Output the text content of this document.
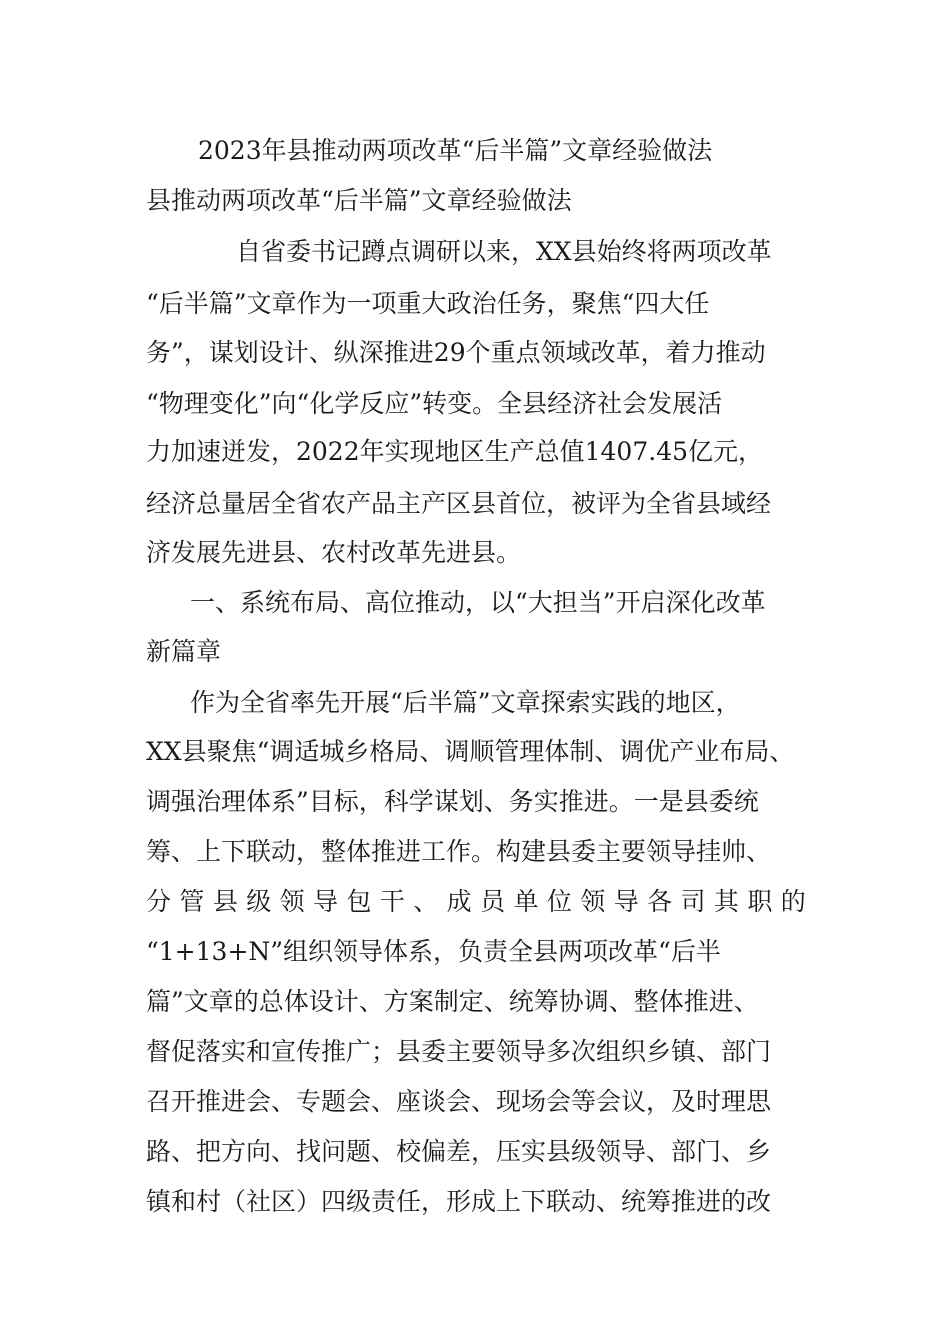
2023年县推动两项改革“后半篇”文章经验做法
县推动两项改革“后半篇”文章经验做法
自省委书记蹲点调研以来，XX县始终将两项改革
“后半篇”文章作为一项重大政治任务，聚焦“四大任
务”，谋划设计、纵深推进29个重点领域改革，着力推动
“物理变化”向“化学反应”转变。全县经济社会发展活
力加速迸发，2022年实现地区生产总值1407.45亿元，
经济总量居全省农产品主产区县首位，被评为全省县域经
济发展先进县、农村改革先进县。
一、系统布局、高位推动，以“大担当”开启深化改革
新篇章
作为全省率先开展“后半篇”文章探索实践的地区，
XX县聚焦“调适城乡格局、调顺管理体制、调优产业布局、
调强治理体系”目标，科学谋划、务实推进。一是县委统
筹、上下联动，整体推进工作。构建县委主要领导挂帅、
分 管 县 级 领 导 包 干 、 成 员 单 位 领 导 各 司 其 职 的
“1+13+N”组织领导体系，负责全县两项改革“后半
篇”文章的总体设计、方案制定、统筹协调、整体推进、
督促落实和宣传推广；县委主要领导多次组织乡镇、部门
召开推进会、专题会、座谈会、现场会等会议，及时理思
路、把方向、找问题、校偏差，压实县级领导、部门、乡
镇和村（社区）四级责任，形成上下联动、统筹推进的改
